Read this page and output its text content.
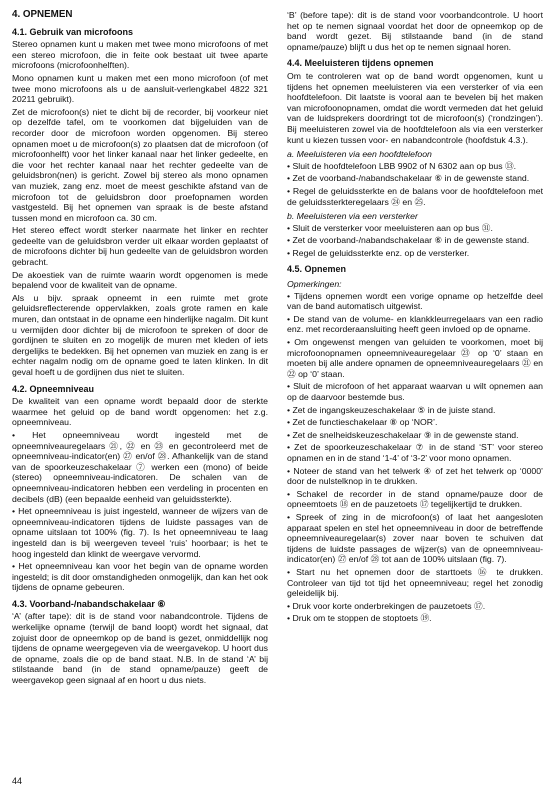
4. OPNEMEN
4.1. Gebruik van microfoons

Stereo opnamen kunt u maken met twee mono microfoons of met een stereo microfoon, die in feite ook bestaat uit twee aparte microfoons (microfoonhelften).

Mono opnamen kunt u maken met een mono microfoon (of met twee mono microfoons als u de aansluit-verlengkabel 4822 321 20211 gebruikt).

Zet de microfoon(s) niet te dicht bij de recorder, bij voorkeur niet op dezelfde tafel, om te voorkomen dat bijgeluiden van de recorder door de microfoon worden opgenomen. Bij stereo opnamen moet u de microfoon(s) zo plaatsen dat de microfoon (of microfoonhelft) voor het linker kanaal naar het linker gedeelte, en die voor het rechter kanaal naar het rechter gedeelte van de geluidsbron(nen) is gericht. Zowel bij stereo als mono opnamen van muziek, zang enz. moet de meest geschikte afstand van de microfoon tot de geluidsbron door proefopnamen worden vastgesteld. Bij het opnemen van spraak is de beste afstand tussen mond en microfoon ca. 30 cm.

Het stereo effect wordt sterker naarmate het linker en rechter gedeelte van de geluidsbron verder uit elkaar worden geplaatst of de microfoons dichter bij hun gedeelte van de geluidsbron worden gebracht.

De akoestiek van de ruimte waarin wordt opgenomen is mede bepalend voor de kwaliteit van de opname.

Als u bijv. spraak opneemt in een ruimte met grote geluidsreflecterende oppervlakken, zoals grote ramen en kale muren, dan ontstaat in de opname een hinderlijke nagalm. Dit kunt u vermijden door dichter bij de microfoon te spreken of door de gordijnen te sluiten en zo mogelijk de muren met kleden of iets dergelijks te bedekken. Bij het opnemen van muziek en zang is er echter nagalm nodig om de opname goed te laten klinken. In dit geval hoeft u de gordijnen dus niet te sluiten.

4.2. Opneemniveau

De kwaliteit van een opname wordt bepaald door de sterkte waarmee het geluid op de band wordt opgenomen: het z.g. opneemniveau.

• Het opneemniveau wordt ingesteld met de opneemniveauregelaars ㉑, ㉒ en ㉓ en gecontroleerd met de opneemniveau-indicator(en) ㉗ en/of ㉘. Afhankelijk van de stand van de spoorkeuzeschakelaar ⑦ werken een (mono) of beide (stereo) opneemniveau-indicatoren. De schalen van de opneemniveau-indicatoren hebben een verdeling in procenten en decibels (dB) (een bepaalde eenheid van geluidssterkte).

• Het opneemniveau is juist ingesteld, wanneer de wijzers van de opneemniveau-indicatoren tijdens de luidste passages van de opname uitslaan tot 100% (fig. 7). Is het opneemniveau te laag ingesteld dan is bij weergeven teveel ‘ruis’ hoorbaar; is het te hoog ingesteld dan klinkt de weergave vervormd.

• Het opneemniveau kan voor het begin van de opname worden ingesteld; is dit door omstandigheden onmogelijk, dan kan het ook tijdens de opname gebeuren.

4.3. Voorband-/nabandschakelaar ⑥

‘A’ (after tape): dit is de stand voor nabandcontrole. Tijdens de werkelijke opname (terwijl de band loopt) wordt het signaal, dat zojuist door de opneemkop op de band is gezet, onmiddellijk nog tijdens de opname weergegeven via de weergavekop. U hoort dus de opname, zoals die op de band staat. N.B. In de stand ‘A’ bij stilstaande band (in de stand opname/pauze) geeft de weergavekop geen signaal af en hoort u dus niets.

‘B’ (before tape): dit is de stand voor voorbandcontrole. U hoort het op te nemen signaal voordat het door de opneemkop op de band wordt gezet. Bij stilstaande band (in de stand opname/pauze) blijft u dus het op te nemen signaal horen.

4.4. Meeluisteren tijdens opnemen

Om te controleren wat op de band wordt opgenomen, kunt u tijdens het opnemen meeluisteren via een versterker of via een hoofdtelefoon. Dit laatste is vooral aan te bevelen bij het maken van microfoonopnamen, omdat die wordt vermeden dat het geluid van de luidsprekers doordringt tot de microfoon(s) (‘rondzingen’). Bij meeluisteren zowel via de hoofdtelefoon als via een versterker kunt u kiezen tussen voor- en nabandcontrole (hoofdstuk 4.3.).

a. Meeluisteren via een hoofdtelefoon

• Sluit de hoofdtelefoon LBB 9902 of N 6302 aan op bus ⑬.

• Zet de voorband-/nabandschakelaar ⑥ in de gewenste stand.

• Regel de geluidssterkte en de balans voor de hoofdtelefoon met de geluidssterkteregelaars ㉔ en ㉕.

b. Meeluisteren via een versterker

• Sluit de versterker voor meeluisteren aan op bus ㉛.

• Zet de voorband-/nabandschakelaar ⑥ in de gewenste stand.

• Regel de geluidssterkte enz. op de versterker.

4.5. Opnemen
Opmerkingen:

• Tijdens opnemen wordt een vorige opname op hetzelfde deel van de band automatisch uitgewist.

• De stand van de volume- en klankkleurregelaars van een radio enz. met recorderaansluiting heeft geen invloed op de opname.

• Om ongewenst mengen van geluiden te voorkomen, moet bij microfoonopnamen opneemniveauregelaar ㉓ op ‘0’ staan en moeten bij alle andere opnamen de opneemniveauregelaars ㉑ en ㉒ op ‘0’ staan.

• Sluit de microfoon of het apparaat waarvan u wilt opnemen aan op de daarvoor bestemde bus.

• Zet de ingangskeuzeschakelaar ⑤ in de juiste stand.

• Zet de functieschakelaar ⑧ op ‘NOR’.

• Zet de snelheidskeuzeschakelaar ⑨ in de gewenste stand.

• Zet de spoorkeuzeschakelaar ⑦ in de stand ‘ST’ voor stereo opnamen en in de stand ‘1-4’ of ‘3-2’ voor mono opnamen.

• Noteer de stand van het telwerk ④ of zet het telwerk op ‘0000’ door de nulstelknop in te drukken.

• Schakel de recorder in de stand opname/pauze door de opneemtoets ⑱ en de pauzetoets ⑰ tegelijkertijd te drukken.

• Spreek of zing in de microfoon(s) of laat het aangesloten apparaat spelen en stel het opneemniveau in door de betreffende opneemniveauregelaar(s) zover naar boven te schuiven dat tijdens de luidste passages de wijzer(s) van de opneemniveau-indicator(en) ㉗ en/of ㉘ tot aan de 100% uitslaan (fig. 7).

• Start nu het opnemen door de starttoets ⑯ te drukken. Controleer van tijd tot tijd het opneemniveau; regel het zonodig geleidelijk bij.

• Druk voor korte onderbrekingen de pauzetoets ⑰.

• Druk om te stoppen de stoptoets ⑲.

44
